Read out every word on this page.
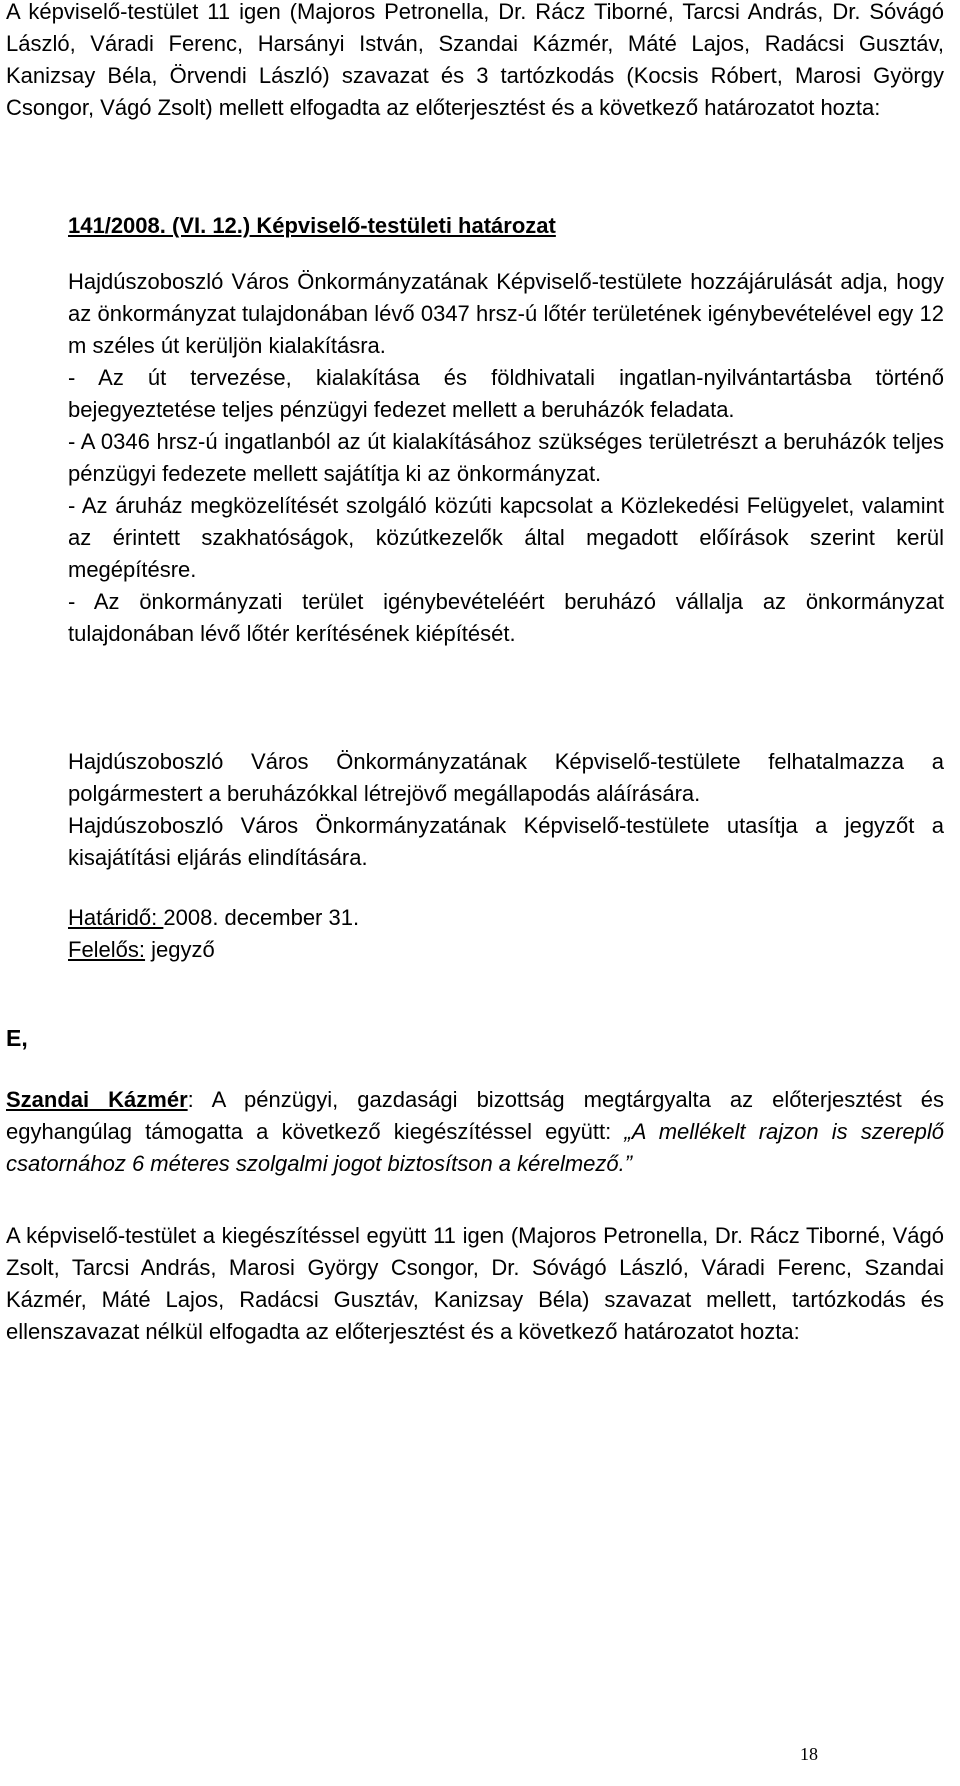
A képviselő-testület 11 igen (Majoros Petronella, Dr. Rácz Tiborné, Tarcsi András, Dr. Sóvágó László, Váradi Ferenc, Harsányi István, Szandai Kázmér, Máté Lajos, Radácsi Gusztáv, Kanizsay Béla, Örvendi László) szavazat és 3 tartózkodás (Kocsis Róbert, Marosi György Csongor, Vágó Zsolt) mellett elfogadta az előterjesztést és a következő határozatot hozta:

141/2008. (VI. 12.) Képviselő-testületi határozat

Hajdúszoboszló Város Önkormányzatának Képviselő-testülete hozzájárulását adja, hogy az önkormányzat tulajdonában lévő 0347 hrsz-ú lőtér területének igénybevételével egy 12 m széles út kerüljön kialakításra.

- Az út tervezése, kialakítása és földhivatali ingatlan-nyilvántartásba történő bejegyeztetése teljes pénzügyi fedezet mellett a beruházók feladata.

- A 0346 hrsz-ú ingatlanból az út kialakításához szükséges területrészt a beruházók teljes pénzügyi fedezete mellett sajátítja ki az önkormányzat.

- Az áruház megközelítését szolgáló közúti kapcsolat a Közlekedési Felügyelet, valamint az érintett szakhatóságok, közútkezelők által megadott előírások szerint kerül megépítésre.

- Az önkormányzati terület igénybevételéért beruházó vállalja az önkormányzat tulajdonában lévő lőtér kerítésének kiépítését.

Hajdúszoboszló Város Önkormányzatának Képviselő-testülete felhatalmazza a polgármestert a beruházókkal létrejövő megállapodás aláírására.

Hajdúszoboszló Város Önkormányzatának Képviselő-testülete utasítja a jegyzőt a kisajátítási eljárás elindítására.

Határidő: 2008. december 31.

Felelős: jegyző

E,

Szandai Kázmér: A pénzügyi, gazdasági bizottság megtárgyalta az előterjesztést és egyhangúlag támogatta a következő kiegészítéssel együtt: „A mellékelt rajzon is szereplő csatornához 6 méteres szolgalmi jogot biztosítson a kérelmező.”

A képviselő-testület a kiegészítéssel együtt 11 igen (Majoros Petronella, Dr. Rácz Tiborné, Vágó Zsolt, Tarcsi András, Marosi György Csongor, Dr. Sóvágó László, Váradi Ferenc, Szandai Kázmér, Máté Lajos, Radácsi Gusztáv, Kanizsay Béla) szavazat mellett, tartózkodás és ellenszavazat nélkül elfogadta az előterjesztést és a következő határozatot hozta:

18
